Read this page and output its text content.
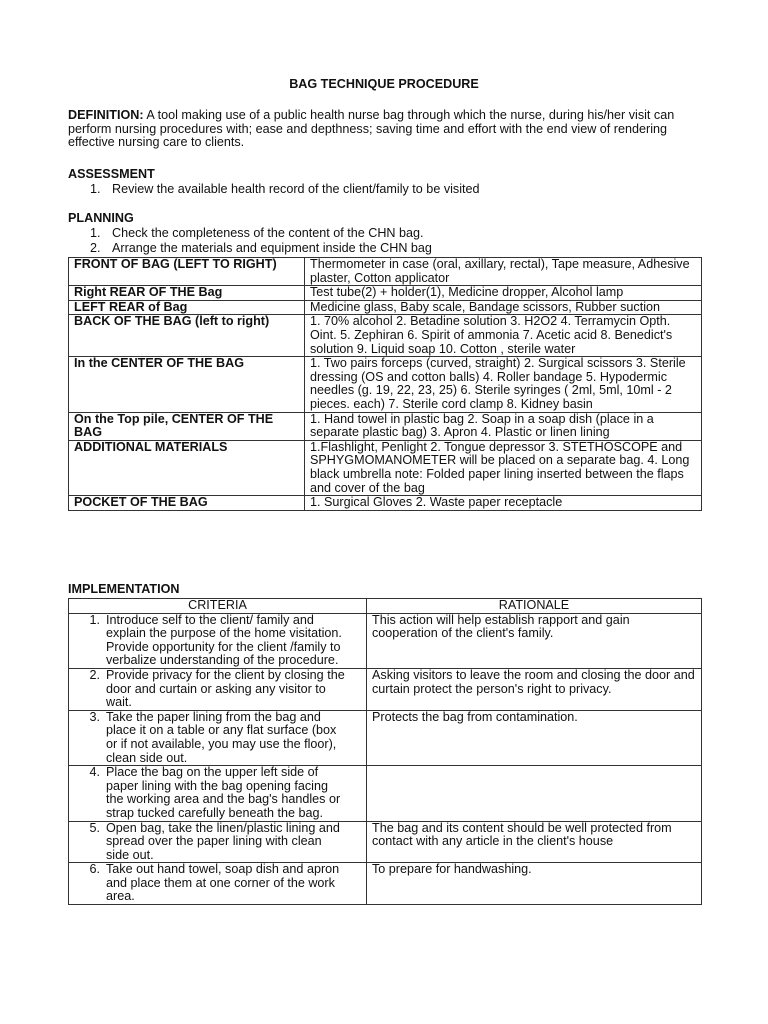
BAG TECHNIQUE PROCEDURE
DEFINITION: A tool making use of a public health nurse bag through which the nurse, during his/her visit can perform nursing procedures with; ease and depthness; saving time and effort with the end view of rendering effective nursing care to clients.
ASSESSMENT
1. Review the available health record of the client/family to be visited
PLANNING
1. Check the completeness of the content of the CHN bag.
2. Arrange the materials and equipment inside the CHN bag
FRONT OF BAG (LEFT TO RIGHT)	Thermometer in case (oral, axillary, rectal), Tape measure, Adhesive plaster, Cotton applicator
Right REAR OF THE Bag	Test tube(2) + holder(1), Medicine dropper, Alcohol lamp
LEFT REAR of Bag	Medicine glass, Baby scale, Bandage scissors, Rubber suction
BACK OF THE BAG (left to right)	1. 70% alcohol 2. Betadine solution 3. H2O2 4. Terramycin Opth. Oint. 5. Zephiran 6. Spirit of ammonia 7. Acetic acid 8. Benedict's solution 9. Liquid soap 10. Cotton , sterile water
In the CENTER OF THE BAG	1. Two pairs forceps (curved, straight) 2. Surgical scissors 3. Sterile dressing (OS and cotton balls) 4. Roller bandage 5. Hypodermic needles (g. 19, 22, 23, 25) 6. Sterile syringes ( 2ml, 5ml, 10ml - 2 pieces. each) 7. Sterile cord clamp 8. Kidney basin
On the Top pile, CENTER OF THE BAG	1. Hand towel in plastic bag 2. Soap in a soap dish (place in a separate plastic bag) 3. Apron 4. Plastic or linen lining
ADDITIONAL MATERIALS	1.Flashlight, Penlight 2. Tongue depressor 3. STETHOSCOPE and SPHYGMOMANOMETER will be placed on a separate bag. 4. Long black umbrella note: Folded paper lining inserted between the flaps and cover of the bag
POCKET OF THE BAG	1. Surgical Gloves 2. Waste paper receptacle
IMPLEMENTATION
CRITERIA	RATIONALE
1. Introduce self to the client/ family and explain the purpose of the home visitation. Provide opportunity for the client /family to verbalize understanding of the procedure.	This action will help establish rapport and gain cooperation of the client's family.
2. Provide privacy for the client by closing the door and curtain or asking any visitor to wait.	Asking visitors to leave the room and closing the door and curtain protect the person's right to privacy.
3. Take the paper lining from the bag and place it on a table or any flat surface (box or if not available, you may use the floor), clean side out.	Protects the bag from contamination.
4. Place the bag on the upper left side of paper lining with the bag opening facing the working area and the bag's handles or strap tucked carefully beneath the bag.	
5. Open bag, take the linen/plastic lining and spread over the paper lining with clean side out.	The bag and its content should be well protected from contact with any article in the client's house
6. Take out hand towel, soap dish and apron and place them at one corner of the work area.	To prepare for handwashing.
